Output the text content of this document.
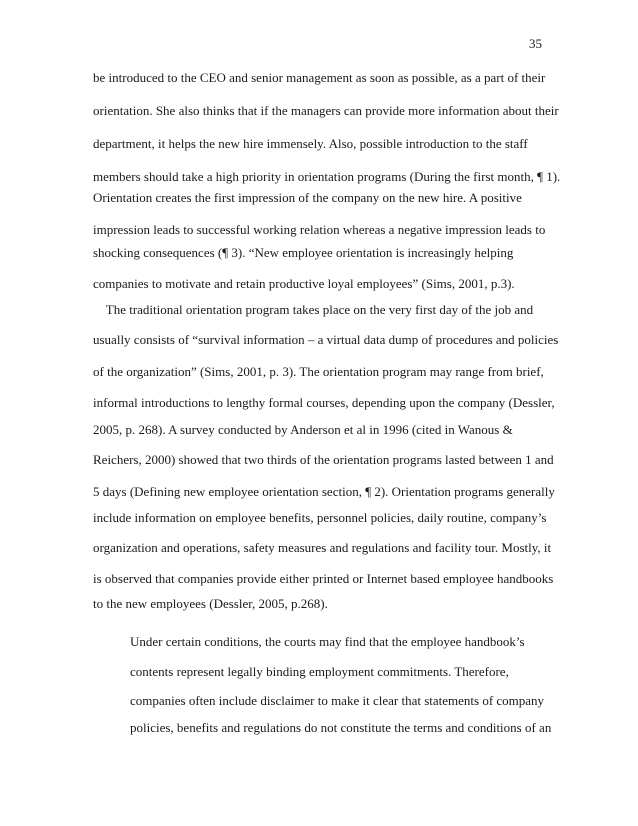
35
be introduced to the CEO and senior management as soon as possible, as a part of their
orientation. She also thinks that if the managers can provide more information about their
department, it helps the new hire immensely. Also, possible introduction to the staff
members should take a high priority in orientation programs (During the first month, ¶ 1).
Orientation creates the first impression of the company on the new hire. A positive
impression leads to successful working relation whereas a negative impression leads to
shocking consequences (¶ 3). “New employee orientation is increasingly helping
companies to motivate and retain productive loyal employees” (Sims, 2001, p.3).
The traditional orientation program takes place on the very first day of the job and
usually consists of “survival information – a virtual data dump of procedures and policies
of the organization” (Sims, 2001, p. 3). The orientation program may range from brief,
informal introductions to lengthy formal courses, depending upon the company (Dessler,
2005, p. 268). A survey conducted by Anderson et al in 1996 (cited in Wanous &
Reichers, 2000) showed that two thirds of the orientation programs lasted between 1 and
5 days (Defining new employee orientation section, ¶ 2). Orientation programs generally
include information on employee benefits, personnel policies, daily routine, company’s
organization and operations, safety measures and regulations and facility tour. Mostly, it
is observed that companies provide either printed or Internet based employee handbooks
to the new employees (Dessler, 2005, p.268).
Under certain conditions, the courts may find that the employee handbook’s
contents represent legally binding employment commitments. Therefore,
companies often include disclaimer to make it clear that statements of company
policies, benefits and regulations do not constitute the terms and conditions of an
